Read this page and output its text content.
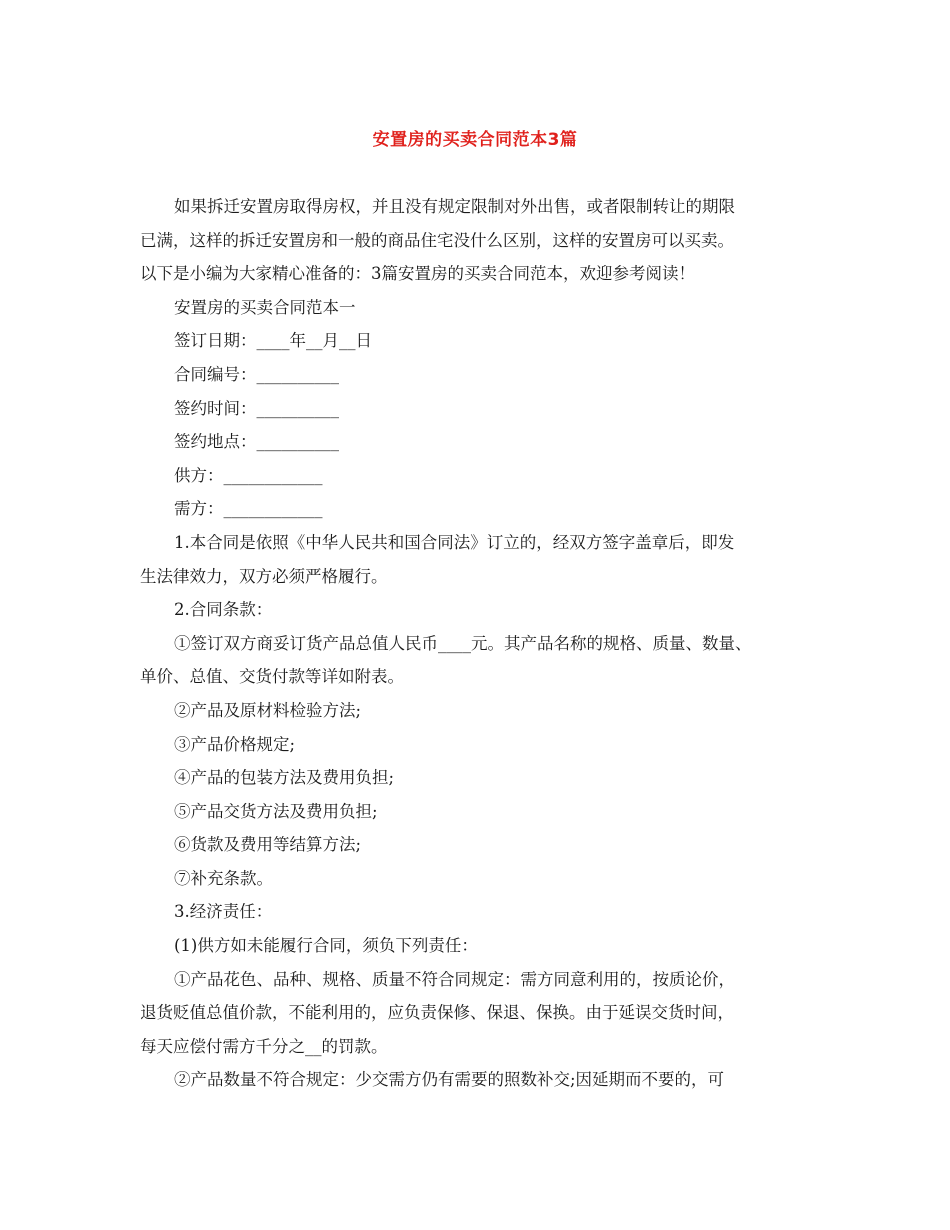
安置房的买卖合同范本3篇

如果拆迁安置房取得房权，并且没有规定限制对外出售，或者限制转让的期限

已满，这样的拆迁安置房和一般的商品住宅没什么区别，这样的安置房可以买卖。

以下是小编为大家精心准备的：3篇安置房的买卖合同范本，欢迎参考阅读！

安置房的买卖合同范本一

签订日期：____年__月__日

合同编号：__________

签约时间：__________

签约地点：__________

供方：____________

需方：____________

1.本合同是依照《中华人民共和国合同法》订立的，经双方签字盖章后，即发

生法律效力，双方必须严格履行。

2.合同条款：

①签订双方商妥订货产品总值人民币____元。其产品名称的规格、质量、数量、

单价、总值、交货付款等详如附表。

②产品及原材料检验方法;

③产品价格规定;

④产品的包装方法及费用负担;

⑤产品交货方法及费用负担;

⑥货款及费用等结算方法;

⑦补充条款。

3.经济责任：

(1)供方如未能履行合同，须负下列责任：

①产品花色、品种、规格、质量不符合同规定：需方同意利用的，按质论价，

退货贬值总值价款，不能利用的，应负责保修、保退、保换。由于延误交货时间，

每天应偿付需方千分之__的罚款。

②产品数量不符合规定：少交需方仍有需要的照数补交;因延期而不要的，可
